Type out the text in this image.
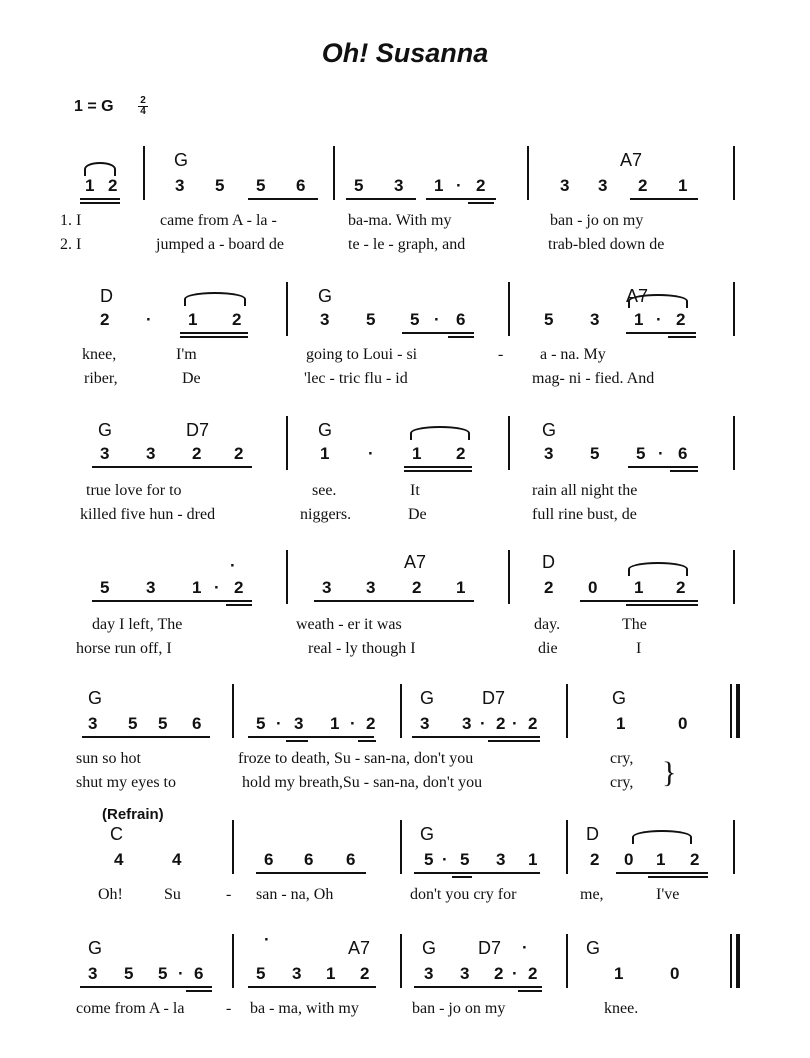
Oh! Susanna
1 = G	2
4
G	A7
1 2	3 5 5 6	5 3 1 · 2	3 3 2 1
1. I	came from A - la -	ba-ma. With my	ban - jo on my
2. I	jumped a - board de	te - le - graph, and	trab-bled down de
D	G	A7
2 · 1 2	3 5 5 · 6	5 3 1 · 2
knee,	I'm	going to Loui - si	- a - na. My
riber,	De	'lec - tric flu - id	mag- ni - fied. And
G	D7	G	G
3 3 2 2	1 · 1 2	3 5 5 · 6
true love for to	see.	It	rain all night the
killed five hun - dred	niggers.	De	full rine bust, de
A7	D
5 3 1 · 2	3 3 2 1	2 0 1 2
·
day I left, The	weath - er it was	day.	The
horse run off, I	real - ly though I	die	I
G	G	D7	G
3 5 5 6	5 · 3 1 · 2	3 3 · 2 · 2	1	0
sun so hot	froze to death, Su - san-na, don't you	cry,
shut my eyes to	hold my breath,Su - san-na, don't you	cry, }
(Refrain)
C	G	D
4	4	6 6 6	5 · 5 3 1	2 0 1 2
Oh!	Su	- san - na, Oh	don't you cry for	me,	I've
G	A7	G D7	G
3 5 5 · 6	5 3 1 2	3 3 2 · 2	1	0
·	·
come from A - la	- ba - ma, with my	ban - jo on my	knee.
